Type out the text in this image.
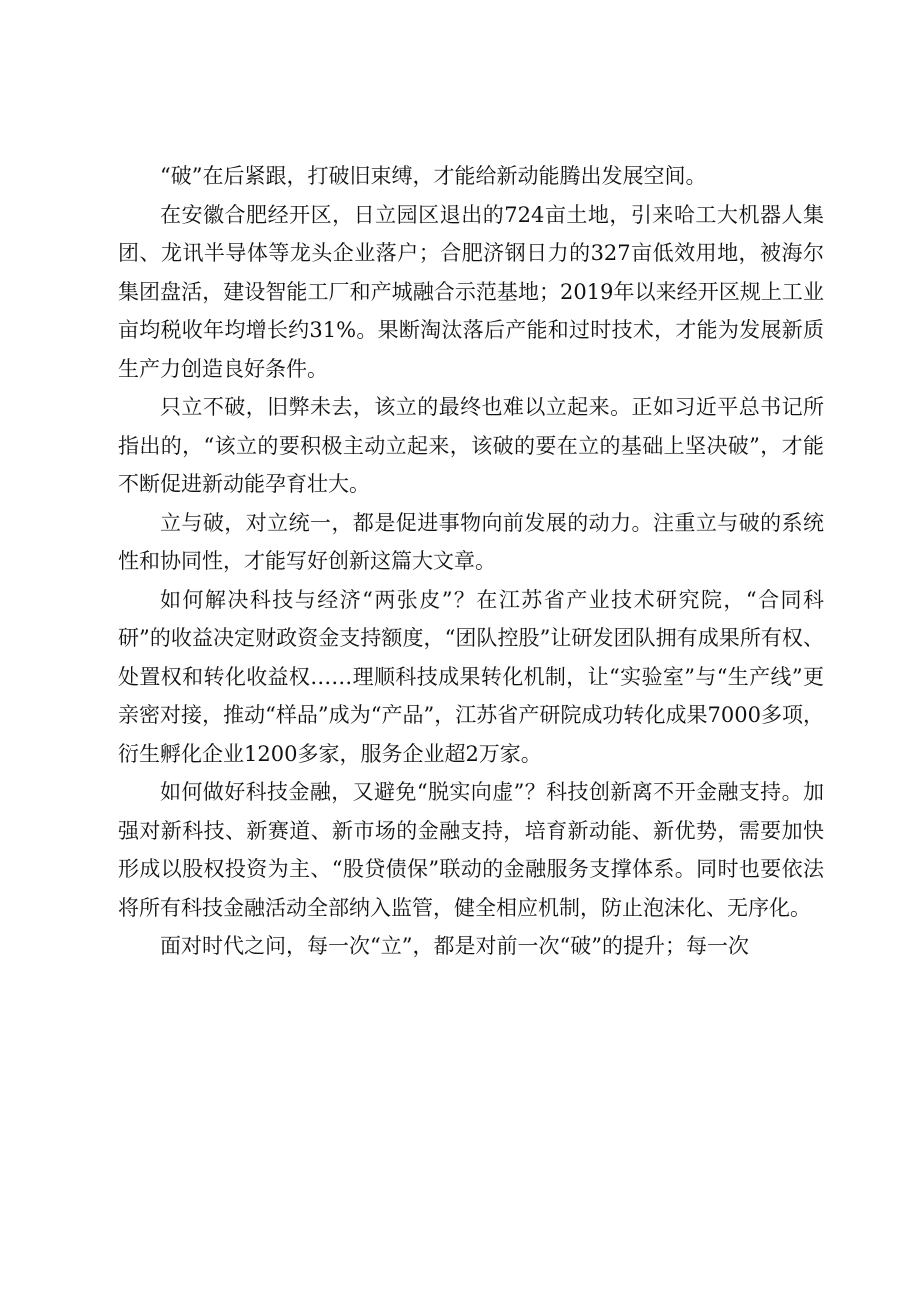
“破”在后紧跟，打破旧束缚，才能给新动能腾出发展空间。

在安徽合肥经开区，日立园区退出的724亩土地，引来哈工大机器人集团、龙讯半导体等龙头企业落户；合肥济钢日力的327亩低效用地，被海尔集团盘活，建设智能工厂和产城融合示范基地；2019年以来经开区规上工业亩均税收年均增长约31%。果断淘汰落后产能和过时技术，才能为发展新质生产力创造良好条件。

只立不破，旧弊未去，该立的最终也难以立起来。正如习近平总书记所指出的，“该立的要积极主动立起来，该破的要在立的基础上坚决破”，才能不断促进新动能孕育壮大。

立与破，对立统一，都是促进事物向前发展的动力。注重立与破的系统性和协同性，才能写好创新这篇大文章。

如何解决科技与经济“两张皮”？在江苏省产业技术研究院，“合同科研”的收益决定财政资金支持额度，“团队控股”让研发团队拥有成果所有权、处置权和转化收益权……理顺科技成果转化机制，让“实验室”与“生产线”更亲密对接，推动“样品”成为“产品”，江苏省产研院成功转化成果7000多项，衍生孵化企业1200多家，服务企业超2万家。

如何做好科技金融，又避免“脱实向虚”？科技创新离不开金融支持。加强对新科技、新赛道、新市场的金融支持，培育新动能、新优势，需要加快形成以股权投资为主、“股贷债保”联动的金融服务支撑体系。同时也要依法将所有科技金融活动全部纳入监管，健全相应机制，防止泡沫化、无序化。

面对时代之问，每一次“立”，都是对前一次“破”的提升；每一次
